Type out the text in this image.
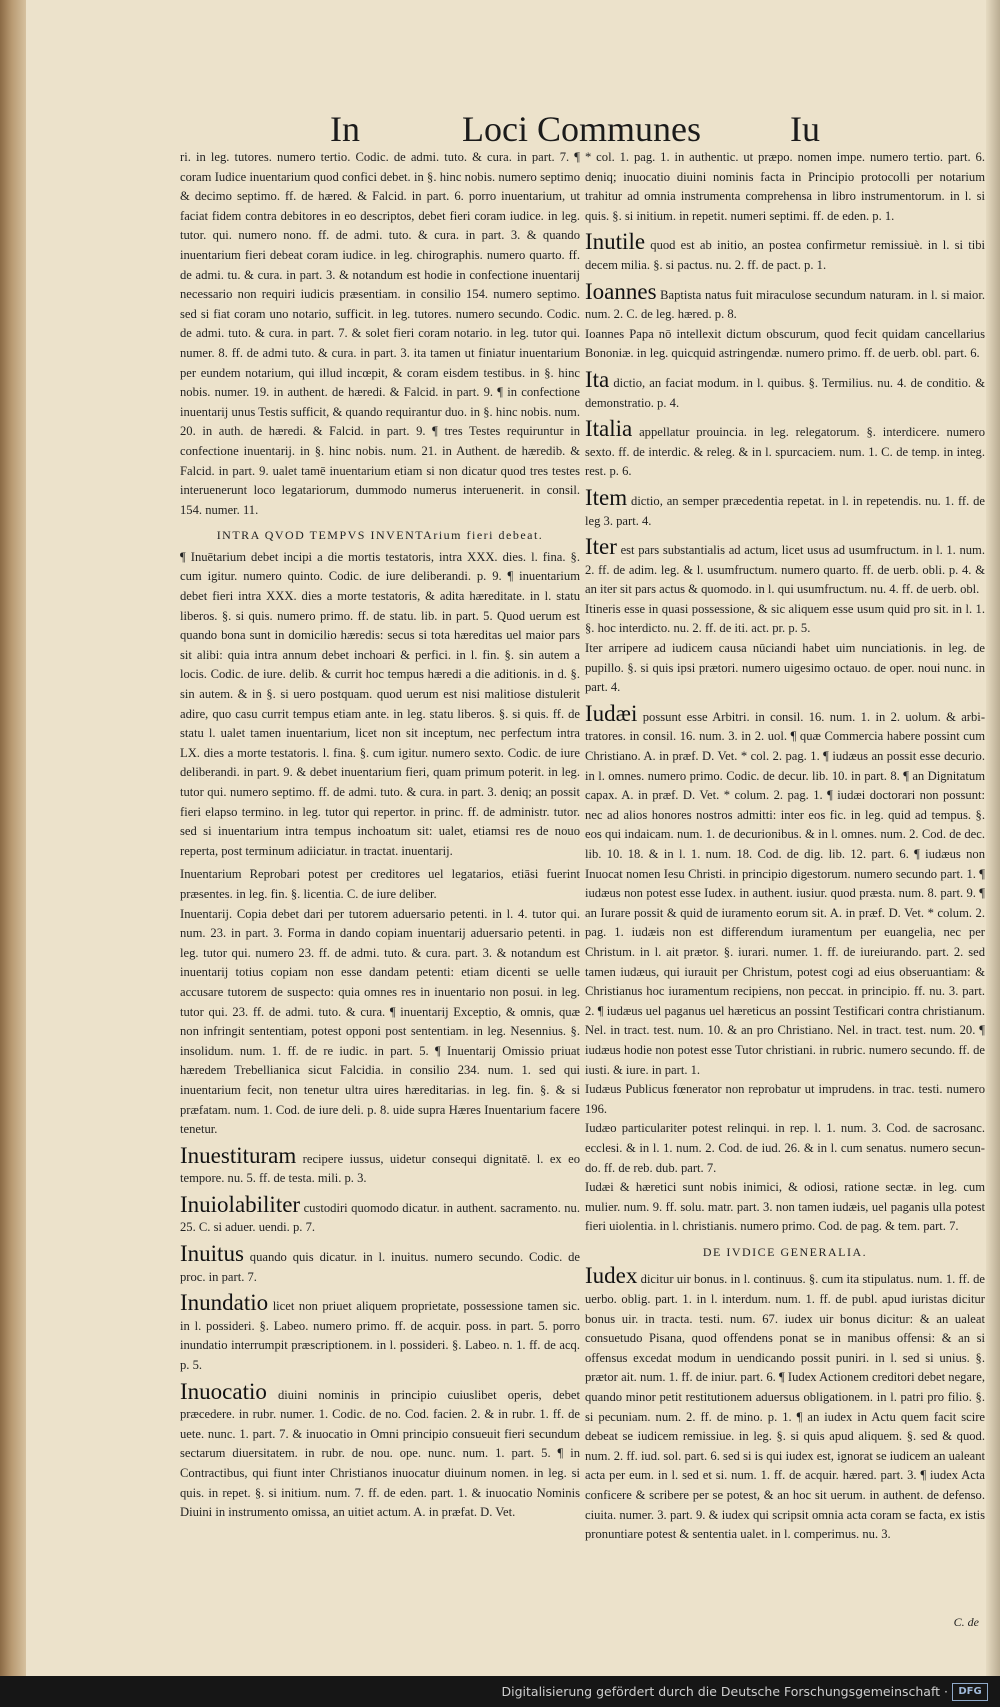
In	Loci Communes Iu

ri. in leg. tutores. numero tertio. Codic. de admi. tuto. & cura. in part. 7. ¶ coram Iudice inuentarium quod confici debet. in §. hinc nobis. numero septimo & decimo septimo. ff. de hæred. & Falcid. in part. 6. porro inuentarium, ut faciat fidem contra debitores in eo descriptos, debet fieri coram iudice. in leg. tutor. qui. numero nono. ff. de admi. tuto. & cura. in part. 3. & quando inuentarium fieri debeat coram iudice. in leg. chirographis. numero quarto. ff. de admi. tu. & cura. in part. 3. & notandum est hodie in confectione inuentarij necessario non requiri iudicis præsentiam. in consilio 154. numero septimo. sed si fiat coram uno notario, sufficit. in leg. tutores. numero secundo. Codic. de admi. tuto. & cura. in part. 7. & solet fieri coram notario. in leg. tutor qui. numer. 8. ff. de admi tuto. & cura. in part. 3. ita tamen ut finiatur inuentarium per eundem notarium, qui illud incœpit, & coram eisdem testibus. in §. hinc nobis. numer. 19. in authent. de hæredi. & Falcid. in part. 9. ¶ in confectione inuentarij unus Testis sufficit, & quando requirantur duo. in §. hinc nobis. num. 20. in auth. de hæredi. & Falcid. in part. 9. ¶ tres Testes requiruntur in confectione inuentarij. in §. hinc nobis. num. 21. in Authent. de hæredib. & Falcid. in part. 9. ualet tamē inuentarium etiam si non dicatur quod tres testes interuenerunt loco legatariorum, dummodo numerus interuenerit. in consil. 154. numer. 11.

INTRA QVOD TEMPVS INVENTArium fieri debeat.

¶ Inuētarium debet incipi a die mortis testatoris, intra XXX. dies. l. fina. §. cum igitur. numero quinto. Codic. de iure deliberandi. p. 9. ¶ inuentarium debet fieri intra XXX. dies a morte testatoris, & adita hæreditate. in l. statu liberos. §. si quis. numero primo. ff. de statu. lib. in part. 5. Quod uerum est quando bona sunt in domicilio hæredis: secus si tota hæreditas uel maior pars sit alibi: quia intra annum debet inchoari & perfici. in l. fin. §. sin autem a locis. Codic. de iure. delib. & currit hoc tempus hæredi a die aditionis. in d. §. sin autem. & in §. si uero postquam. quod uerum est nisi malitiose distulerit adire, quo casu currit tempus etiam ante. in leg. statu liberos. §. si quis. ff. de statu l. ualet tamen inuentarium, licet non sit inceptum, nec perfectum intra LX. dies a morte testatoris. l. fina. §. cum igitur. numero sexto. Codic. de iure deliberandi. in part. 9. & debet inuentarium fieri, quam primum poterit. in leg. tutor qui. numero septimo. ff. de admi. tuto. & cura. in part. 3. deniq; an possit fieri elapso termino. in leg. tutor qui repertor. in princ. ff. de administr. tutor. sed si inuentarium intra tempus inchoatum sit: ualet, etiamsi res de nouo reperta, post terminum adiiciatur. in tractat. inuentarij.

Inuentarium Reprobari potest per creditores uel legatarios, etiāsi fuerint præsentes. in leg. fin. §. licentia. C. de iure deliber.

Inuentarij. Copia debet dari per tutorem aduersario petenti. in l. 4. tutor qui. num. 23. in part. 3. Forma in dando copiam inuentarij aduersario petenti. in leg. tutor qui. numero 23. ff. de admi. tuto. & cura. part. 3. & notandum est inuentarij totius copiam non esse dandam petenti: etiam dicenti se uelle accusare tutorem de suspecto: quia omnes res in inuentario non posui. in leg. tutor qui. 23. ff. de admi. tuto. & cura. ¶ inuentarij Exceptio, & omnis, quæ non infringit sententiam, potest opponi post sententiam. in leg. Nesennius. §. insolidum. num. 1. ff. de re iudic. in part. 5. ¶ Inuentarij Omissio priuat hæredem Trebellianica sicut Falcidia. in consilio 234. num. 1. sed qui inuentarium fecit, non tenetur ultra uires hæreditarias. in leg. fin. §. & si præfatam. num. 1. Cod. de iure deli. p. 8. uide supra Hæres Inuentarium facere tenetur.

Inuestituram recipere iussus, uidetur consequi dignitatē. l. ex eo tempore. nu. 5. ff. de testa. mili. p. 3.

Inuiolabiliter custodiri quomodo dicatur. in authent. sacramento. nu. 25. C. si aduer. uendi. p. 7.

Inuitus quando quis dicatur. in l. inuitus. numero secundo. Codic. de proc. in part. 7.

Inundatio licet non priuet aliquem proprietate, possessione tamen sic. in l. possideri. §. Labeo. numero primo. ff. de acquir. poss. in part. 5. porro inundatio interrumpit præscriptionem. in l. possideri. §. Labeo. n. 1. ff. de acq. p. 5.

Inuocatio diuini nominis in principio cuiuslibet operis, debet præcedere. in rubr. numer. 1. Codic. de no. Cod. facien. 2. & in rubr. 1. ff. de uete. nunc. 1. part. 7. & inuocatio in Omni principio consueuit fieri secundum sectarum diuersitatem. in rubr. de nou. ope. nunc. num. 1. part. 5. ¶ in Contractibus, qui fiunt inter Christianos inuocatur diuinum nomen. in leg. si quis. in repet. §. si initium. num. 7. ff. de eden. part. 1. & inuocatio Nominis Diuini in instrumento omissa, an uitiet actum. A. in præfat. D. Vet.

* col. 1. pag. 1. in authentic. ut præpo. nomen impe. numero tertio. part. 6. deniq; inuocatio diuini nominis facta in Principio protocolli per notarium trahitur ad omnia instrumenta comprehensa in libro instrumentorum. in l. si quis. §. si initium. in repetit. numeri septimi. ff. de eden. p. 1.

Inutile quod est ab initio, an postea confirmetur remissiuè. in l. si tibi decem milia. §. si pactus. nu. 2. ff. de pact. p. 1.

Ioannes Baptista natus fuit miraculose secundum naturam. in l. si maior. num. 2. C. de leg. hæred. p. 8.

Ioannes Papa nō intellexit dictum obscurum, quod fecit quidam cancellarius Bononiæ. in leg. quicquid astringendæ. numero primo. ff. de uerb. obl. part. 6.

Ita dictio, an faciat modum. in l. quibus. §. Termilius. nu. 4. de conditio. & demonstratio. p. 4.

Italia appellatur prouincia. in leg. relegatorum. §. interdicere. numero sexto. ff. de interdic. & releg. & in l. spurcaciem. num. 1. C. de temp. in integ. rest. p. 6.

Item dictio, an semper præcedentia repetat. in l. in repetendis. nu. 1. ff. de leg 3. part. 4.

Iter est pars substantialis ad actum, licet usus ad usumfructum. in l. 1. num. 2. ff. de adim. leg. & l. usumfructum. numero quarto. ff. de uerb. obli. p. 4. & an iter sit pars actus & quomodo. in l. qui usumfructum. nu. 4. ff. de uerb. obl.

Itineris esse in quasi possessione, & sic aliquem esse usum quid pro sit. in l. 1. §. hoc interdicto. nu. 2. ff. de iti. act. pr. p. 5.

Iter arripere ad iudicem causa nūciandi habet uim nunciationis. in leg. de pupillo. §. si quis ipsi prætori. numero uigesimo octauo. de oper. noui nunc. in part. 4.

Iudæi possunt esse Arbitri. in consil. 16. num. 1. in 2. uolum. & arbitratores. in consil. 16. num. 3. in 2. uol. ¶ quæ Commercia habere possint cum Christiano. A. in præf. D. Vet. * col. 2. pag. 1. ¶ iudæus an possit esse decurio. in l. omnes. numero primo. Codic. de decur. lib. 10. in part. 8. ¶ an Dignitatum capax. A. in præf. D. Vet. * colum. 2. pag. 1. ¶ iudæi doctorari non possunt: nec ad alios honores nostros admitti: inter eos fic. in leg. quid ad tempus. §. eos qui indaicam. num. 1. de decurionibus. & in l. omnes. num. 2. Cod. de dec. lib. 10. 18. & in l. 1. num. 18. Cod. de dig. lib. 12. part. 6. ¶ iudæus non Inuocat nomen Iesu Christi. in principio digestorum. numero secundo part. 1. ¶ iudæus non potest esse Iudex. in authent. iusiur. quod præsta. num. 8. part. 9. ¶ an Iurare possit & quid de iuramento eorum sit. A. in præf. D. Vet. * colum. 2. pag. 1. iudæis non est differendum iuramentum per euangelia, nec per Christum. in l. ait prætor. §. iurari. numer. 1. ff. de iureiurando. part. 2. sed tamen iudæus, qui iurauit per Christum, potest cogi ad eius obseruantiam: & Christianus hoc iuramentum recipiens, non peccat. in principio. ff. nu. 3. part. 2. ¶ iudæus uel paganus uel hæreticus an possint Testificari contra christianum. Nel. in tract. test. num. 10. & an pro Christiano. Nel. in tract. test. num. 20. ¶ iudæus hodie non potest esse Tutor christiani. in rubric. numero secundo. ff. de iusti. & iure. in part. 1.

Iudæus Publicus fœnerator non reprobatur ut imprudens. in trac. testi. numero 196.

Iudæo particulariter potest relinqui. in rep. l. 1. num. 3. Cod. de sacrosanc. ecclesi. & in l. 1. num. 2. Cod. de iud. 26. & in l. cum senatus. numero secundo. ff. de reb. dub. part. 7.

Iudæi & hæretici sunt nobis inimici, & odiosi, ratione sectæ. in leg. cum mulier. num. 9. ff. solu. matr. part. 3. non tamen iudæis, uel paganis ulla potest fieri uiolentia. in l. christianis. numero primo. Cod. de pag. & tem. part. 7.

DE IVDICE GENERALIA.

Iudex dicitur uir bonus. in l. continuus. §. cum ita stipulatus. num. 1. ff. de uerbo. oblig. part. 1. in l. interdum. num. 1. ff. de publ. apud iuristas dicitur bonus uir. in tracta. testi. num. 67. iudex uir bonus dicitur: & an ualeat consuetudo Pisana, quod offendens ponat se in manibus offensi: & an si offensus excedat modum in uendicando possit puniri. in l. sed si unius. §. prætor ait. num. 1. ff. de iniur. part. 6. ¶ Iudex Actionem creditori debet negare, quando minor petit restitutionem aduersus obligationem. in l. patri pro filio. §. si pecuniam. num. 2. ff. de mino. p. 1. ¶ an iudex in Actu quem facit scire debeat se iudicem remissiue. in leg. §. si quis apud aliquem. §. sed & quod. num. 2. ff. iud. sol. part. 6. sed si is qui iudex est, ignorat se iudicem an ualeant acta per eum. in l. sed et si. num. 1. ff. de acquir. hæred. part. 3. ¶ iudex Acta conficere & scribere per se potest, & an hoc sit uerum. in authent. de defenso. ciuita. numer. 3. part. 9. & iudex qui scripsit omnia acta coram se facta, ex istis pronuntiare potest & sententia ualet. in l. comperimus. nu. 3.

C. de
Digitalisierung gefördert durch die Deutsche Forschungsgemeinschaft ·	DFG
